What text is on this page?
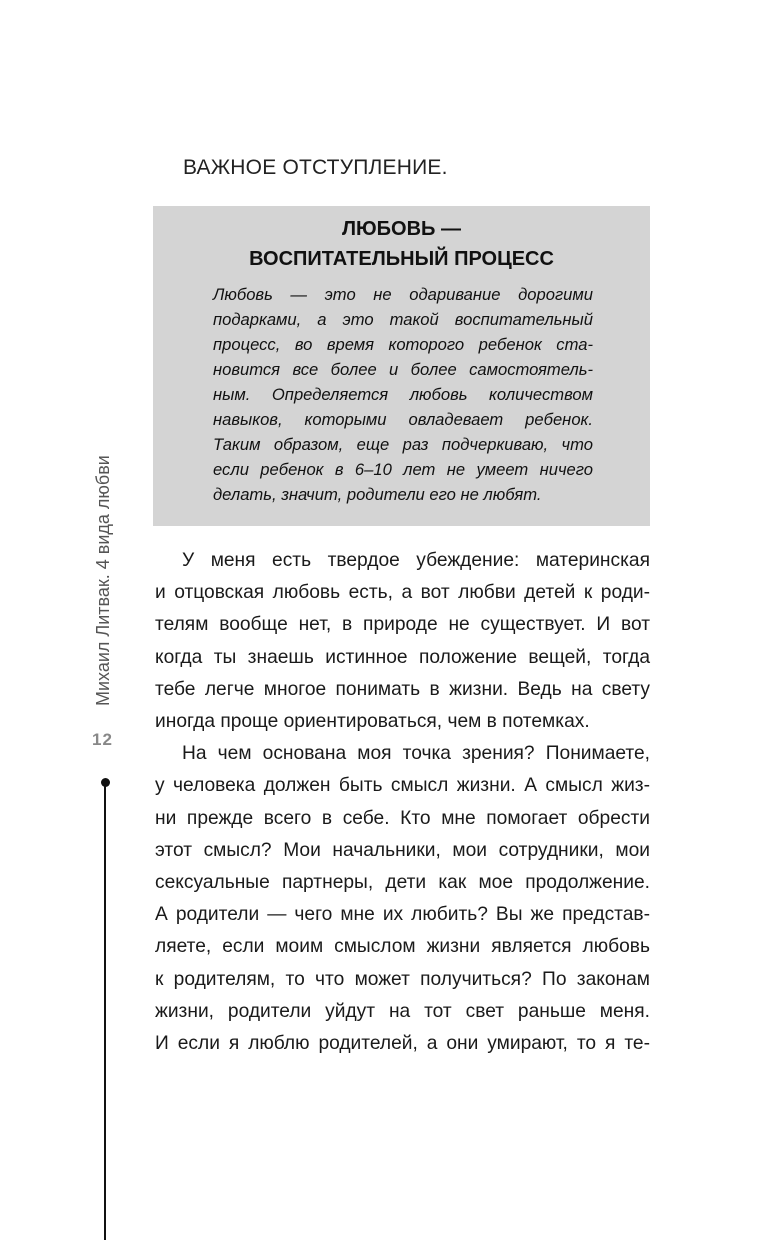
ВАЖНОЕ ОТСТУПЛЕНИЕ.
ЛЮБОВЬ —
ВОСПИТАТЕЛЬНЫЙ ПРОЦЕСС
Любовь — это не одаривание дорогими
подарками, а это такой воспитательный
процесс, во время которого ребенок ста-
новится все более и более самостоятель-
ным. Определяется любовь количеством
навыков, которыми овладевает ребенок.
Таким образом, еще раз подчеркиваю, что
если ребенок в 6–10 лет не умеет ничего
делать, значит, родители его не любят.
У меня есть твердое убеждение: материнская
и отцовская любовь есть, а вот любви детей к роди-
телям вообще нет, в природе не существует. И вот
когда ты знаешь истинное положение вещей, тогда
тебе легче многое понимать в жизни. Ведь на свету
иногда проще ориентироваться, чем в потемках.
На чем основана моя точка зрения? Понимаете,
у человека должен быть смысл жизни. А смысл жиз-
ни прежде всего в себе. Кто мне помогает обрести
этот смысл? Мои начальники, мои сотрудники, мои
сексуальные партнеры, дети как мое продолжение.
А родители — чего мне их любить? Вы же представ-
ляете, если моим смыслом жизни является любовь
к родителям, то что может получиться? По законам
жизни, родители уйдут на тот свет раньше меня.
И если я люблю родителей, а они умирают, то я те-
Михаил Литвак. 4 вида любви
12
